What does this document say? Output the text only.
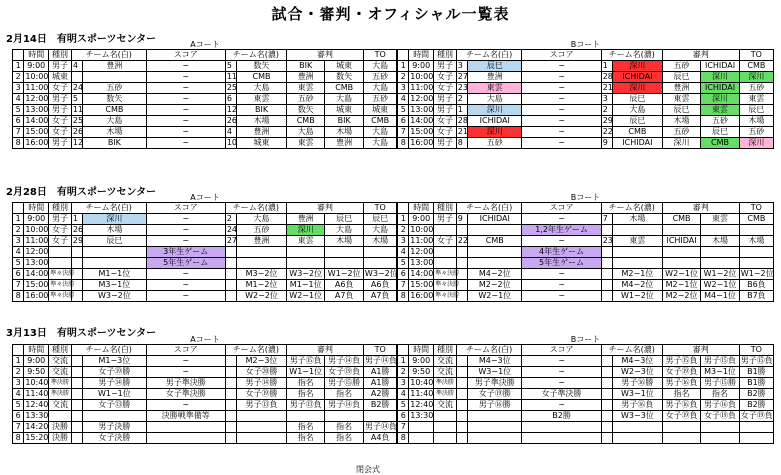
試合・審判・オフィシャル一覧表
2月14日　有明スポーツセンター	Aコート											Bコート										
	時間	種別	チーム名(白)		スコア	チーム名(濃)		審判		TO		時間	種別	チーム名(白)		スコア	チーム名(濃)		審判		TO
1	9:00	男子	4	豊洲	−	5	数矢	BIK	城東	大島	1	9:00	男子	3	辰巳	−	1	深川	五砂	ICHIDAI	CMB
2	10:00	城東			−	11	CMB	豊洲	数矢	五砂	2	10:00	女子	27	豊洲	−	28	ICHIDAI	辰巳	深川	深川
3	11:00	女子	24	五砂	−	25	大島	東雲	CMB	大島	3	11:00	女子	23	東雲	−	21	深川	豊洲	ICHIDAI	五砂
4	12:00	男子	5	数矢	−	6	東雲	五砂	大島	五砂	4	12:00	男子	2	大島	−	3	辰巳	東雲	深川	東雲
5	13:00	男子	11	CMB	−	12	BIK	数矢	城東	城東	5	13:00	男子	1	深川	−	2	大島	辰巳	東雲	辰巳
6	14:00	女子	25	大島	−	26	木場	CMB	BIK	CMB	6	14:00	女子	28	ICHIDAI	−	29	辰巳	木場	五砂	木場
7	15:00	女子	26	木場	−	4	豊洲	大島	木場	大島	7	15:00	女子	21	深川	−	22	CMB	五砂	辰巳	五砂
8	16:00	男子	12	BIK	−	10	城東	東雲	豊洲	大島	8	16:00	男子	8	五砂	−	9	ICHIDAI	深川	CMB	深川
2月28日　有明スポーツセンター	Aコート											Bコート										
	時間	種別	チーム名(白)		スコア	チーム名(濃)		審判		TO		時間	種別	チーム名(白)		スコア	チーム名(濃)		審判		TO
1	9:00	男子	1	深川	−	2	大島	豊洲	辰巳	辰巳	1	9:00	男子	9	ICHIDAI	−	7	木場	CMB	東雲	CMB
2	10:00	女子	26	木場	−	24	五砂	深川	大島	大島	2	10:00				1,2年生ゲーム					
3	11:00	女子	29	辰巳	−	27	豊洲	東雲	木場	木場	3	11:00	女子	22	CMB	−	23	東雲	ICHIDAI	木場	木場
4	12:00				3年生ゲーム						4	12:00				4年生ゲーム					
5	13:00				5年生ゲーム						5	13:00				5年生ゲーム					
6	14:00	準々決勝		M1−1位	−		M3−2位	W3−2位	W1−2位	W3−2位	6	14:00	準々決勝		M4−2位	−		M2−1位	W2−1位	W1−2位	W1−2位
7	15:00	準々決勝		M3−1位	−		M1−2位	M1−1位	A6負	A6負	7	15:00	準々決勝		M2−2位	−		M4−2位	M2−1位	W2−1位	B6負
8	16:00	準々決勝		W3−2位	−		W2−2位	W2−1位	A7負	A7負	8	16:00	準々決勝		W2−1位	−		W1−2位	M2−2位	M4−1位	B7負
3月13日　有明スポーツセンター
Aコート											Bコート										
	時間	種別	チーム名(白)		スコア	チーム名(濃)		審判		TO		時間	種別	チーム名(白)		スコア	チーム名(濃)		審判		TO
1	9:00	交流		M1−3位	−		M2−3位	男子⑮負	男子⑭負	男子⑭負	1	9:00	交流		M4−3位	−		M4−3位	男子⑮負	男子⑮負	男子⑮負
2	9:50	交流		女子⑲勝	−		女子⑳勝	W1−1位	女子⑲負	A1勝	2	9:50	交流		W3−1位	−		W2−3位	女子⑲負	M3−1位	B1勝
3	10:40	準決勝		男子⑭勝	男子準決勝		男子⑭勝	指名	男子⑮勝	A1勝	3	10:40	準決勝		男子準決勝	−		男子⑯勝	男子⑯負	男子⑮勝	B1勝
4	11:40	準決勝		W1−1位	女子準決勝		女子⑲勝	指名	指名	A2勝	4	11:40	準決勝		女子⑲勝	女子準決勝		W3−1位	指名	指名	B2勝
5	12:40	交流		女子⑬勝	−		男子⑬負	男子⑬負	男子⑭負	B2勝	5	12:40	交流		男子⑯勝	−		男子⑯負	男子⑯負	男子⑯負	B2勝
6	13:30				決勝戦準備等						6	13:30				B2勝		W3−3位	女子⑲負	女子⑲負	女子⑲負
7	14:20	決勝		男子決勝				指名	指名	男子⑭負	7										
8	15:20	決勝		女子決勝				指名	指名	A4負	8										
閉会式
